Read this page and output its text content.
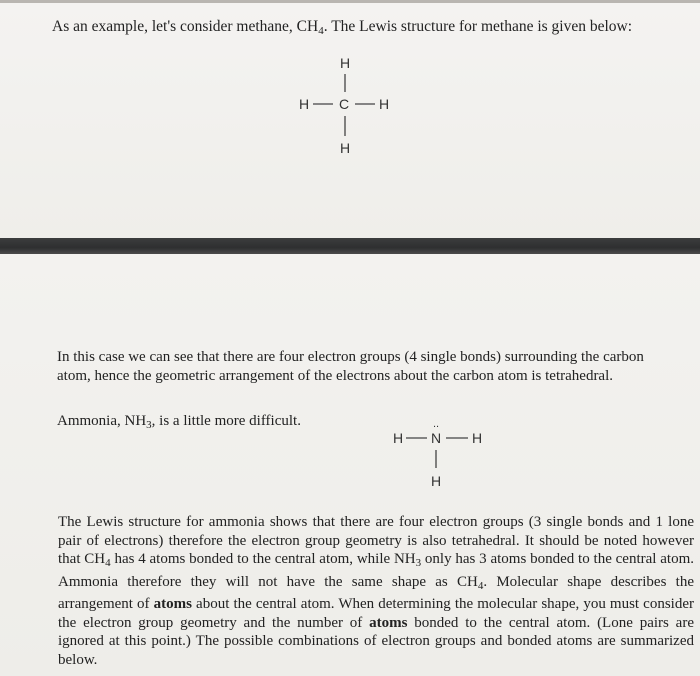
As an example, let's consider methane, $CH_4$. The Lewis structure for methane is given below:
H
H C H
H
In this case we can see that there are four electron groups (4 single bonds) surrounding the carbon atom, hence the geometric arrangement of the electrons about the carbon atom is tetrahedral.
Ammonia, $NH_3$, is a little more difficult.	..
H N H
H
The Lewis structure for ammonia shows that there are four electron groups (3 single bonds and 1 lone pair of electrons) therefore the electron group geometry is also tetrahedral. It should be noted however that $CH_4$ has 4 atoms bonded to the central atom, while $NH_3$ only has 3 atoms bonded to the central atom. Ammonia therefore they will not have the same shape as $CH_4$. Molecular shape describes the arrangement of atoms about the central atom. When determining the molecular shape, you must consider the electron group geometry and the number of atoms bonded to the central atom. (Lone pairs are ignored at this point.) The possible combinations of electron groups and bonded atoms are summarized below.
